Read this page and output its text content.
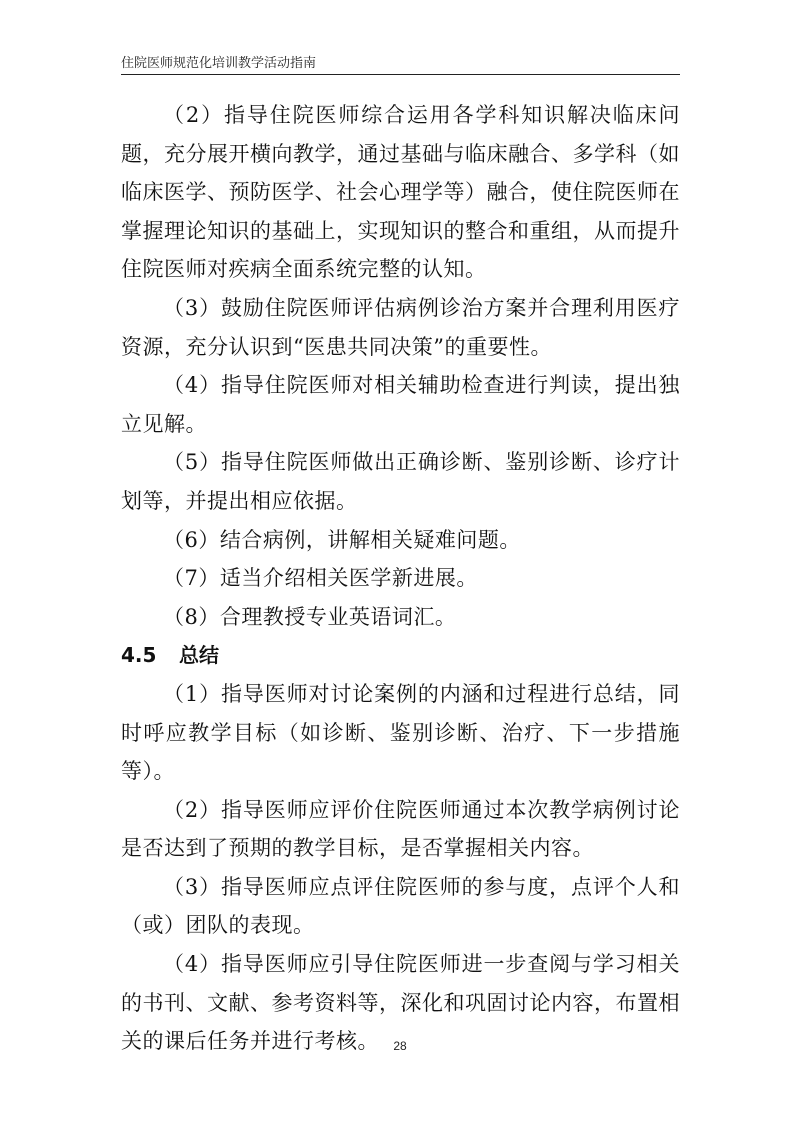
住院医师规范化培训教学活动指南

（2）指导住院医师综合运用各学科知识解决临床问题，充分展开横向教学，通过基础与临床融合、多学科（如临床医学、预防医学、社会心理学等）融合，使住院医师在掌握理论知识的基础上，实现知识的整合和重组，从而提升住院医师对疾病全面系统完整的认知。

（3）鼓励住院医师评估病例诊治方案并合理利用医疗资源，充分认识到“医患共同决策”的重要性。

（4）指导住院医师对相关辅助检查进行判读，提出独立见解。

（5）指导住院医师做出正确诊断、鉴别诊断、诊疗计划等，并提出相应依据。

（6）结合病例，讲解相关疑难问题。

（7）适当介绍相关医学新进展。

（8）合理教授专业英语词汇。

4.5 总结

（1）指导医师对讨论案例的内涵和过程进行总结，同时呼应教学目标（如诊断、鉴别诊断、治疗、下一步措施等）。

（2）指导医师应评价住院医师通过本次教学病例讨论是否达到了预期的教学目标，是否掌握相关内容。

（3）指导医师应点评住院医师的参与度，点评个人和（或）团队的表现。

（4）指导医师应引导住院医师进一步查阅与学习相关的书刊、文献、参考资料等，深化和巩固讨论内容，布置相关的课后任务并进行考核。	28
